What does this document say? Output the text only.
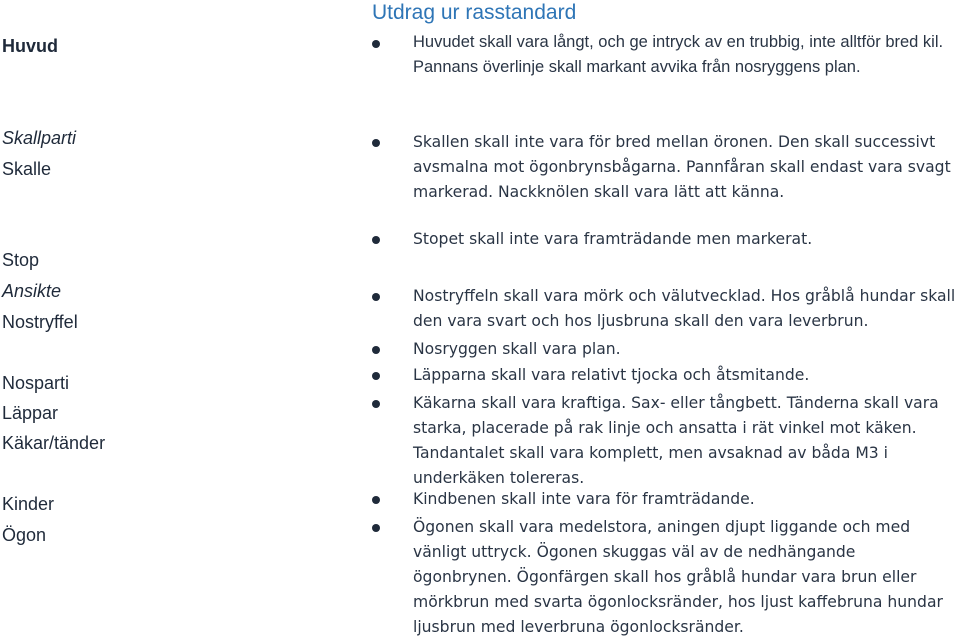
Huvud
Skallparti
Skalle
Stop
Ansikte
Nostryffel
Nosparti
Läppar
Käkar/tänder
Kinder
Ögon
Utdrag ur rasstandard
Huvudet skall vara långt, och ge intryck av en trubbig, inte alltför bred kil. Pannans överlinje skall markant avvika från nosryggens plan.
Skallen skall inte vara för bred mellan öronen. Den skall successivt avsmalna mot ögonbrynsbågarna. Pannfåran skall endast vara svagt markerad. Nackknölen skall vara lätt att känna.
Stopet skall inte vara framträdande men markerat.
Nostryffeln skall vara mörk och välutvecklad. Hos gråblå hundar skall den vara svart och hos ljusbruna skall den vara leverbrun.
Nosryggen skall vara plan.
Läpparna skall vara relativt tjocka och åtsmitande.
Käkarna skall vara kraftiga. Sax- eller tångbett. Tänderna skall vara starka, placerade på rak linje och ansatta i rät vinkel mot käken. Tandantalet skall vara komplett, men avsaknad av båda M3 i underkäken tolereras.
Kindbenen skall inte vara för framträdande.
Ögonen skall vara medelstora, aningen djupt liggande och med vänligt uttryck. Ögonen skuggas väl av de nedhängande ögonbrynen. Ögonfärgen skall hos gråblå hundar vara brun eller mörkbrun med svarta ögonlocksränder, hos ljust kaffebruna hundar ljusbrun med leverbruna ögonlocksränder.
